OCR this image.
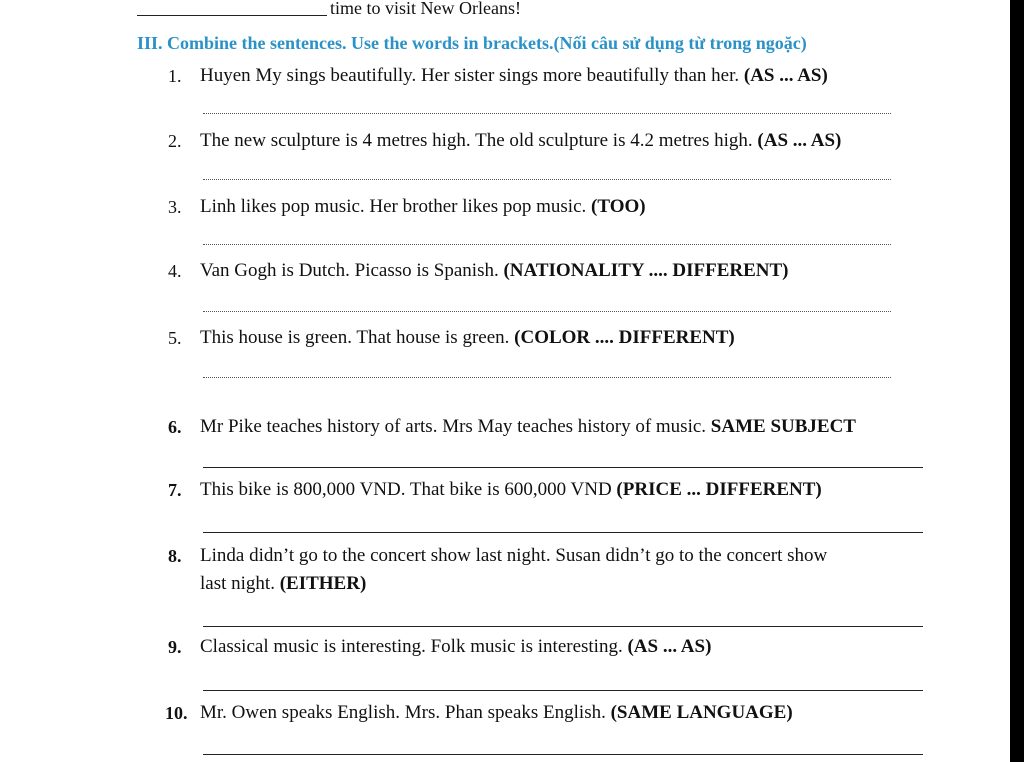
time to visit New Orleans!
III. Combine the sentences. Use the words in brackets.(Nối câu sử dụng từ trong ngoặc)
1. Huyen My sings beautifully. Her sister sings more beautifully than her. (AS ... AS)
2. The new sculpture is 4 metres high. The old sculpture is 4.2 metres high. (AS ... AS)
3. Linh likes pop music. Her brother likes pop music. (TOO)
4. Van Gogh is Dutch. Picasso is Spanish. (NATIONALITY .... DIFFERENT)
5. This house is green. That house is green. (COLOR .... DIFFERENT)
6. Mr Pike teaches history of arts. Mrs May teaches history of music. SAME SUBJECT
7. This bike is 800,000 VND. That bike is 600,000 VND (PRICE ... DIFFERENT)
8. Linda didn’t go to the concert show last night. Susan didn’t go to the concert show
last night. (EITHER)
9. Classical music is interesting. Folk music is interesting. (AS ... AS)
10. Mr. Owen speaks English. Mrs. Phan speaks English. (SAME LANGUAGE)
